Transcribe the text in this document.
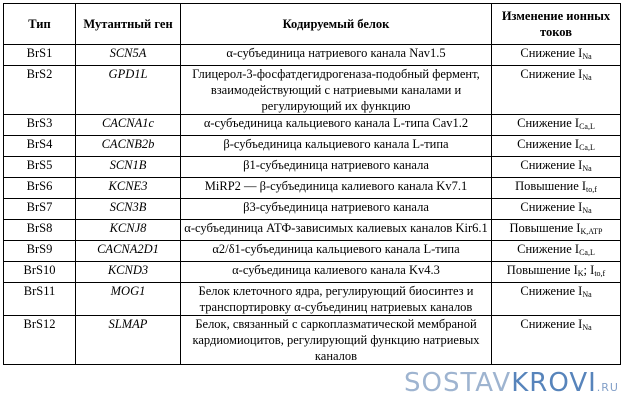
Тип	Мутантный ген	Кодируемый белок	Изменение ионных токов
BrS1	SCN5A	α-субъединица натриевого канала Nav1.5	Снижение $I_{Na}$
BrS2	GPD1L	Глицерол-3-фосфатдегидрогеназа-подобный фермент, взаимодействующий с натриевыми каналами и регулирующий их функцию	Снижение $I_{Na}$
BrS3	CACNA1c	α-субъединица кальциевого канала L-типа Cav1.2	Снижение $I_{Ca,L}$
BrS4	CACNB2b	β-субъединица кальциевого канала L-типа	Снижение $I_{Ca,L}$
BrS5	SCN1B	β1-субъединица натриевого канала	Снижение $I_{Na}$
BrS6	KCNE3	MiRP2 — β-субъединица калиевого канала Kv7.1	Повышение $I_{to,f}$
BrS7	SCN3B	β3-субъединица натриевого канала	Снижение $I_{Na}$
BrS8	KCNJ8	α-субъединица АТФ-зависимых калиевых каналов Kir6.1	Повышение $I_{K,ATP}$
BrS9	CACNA2D1	α2/δ1-субъединица кальциевого канала L-типа	Снижение $I_{Ca,L}$
BrS10	KCND3	α-субъединица калиевого канала Kv4.3	Повышение $I_K$; $I_{to,f}$
BrS11	MOG1	Белок клеточного ядра, регулирующий биосинтез и транспортировку α-субъединиц натриевых каналов	Снижение $I_{Na}$
BrS12	SLMAP	Белок, связанный с саркоплазматической мембраной кардиомиоцитов, регулирующий функцию натриевых каналов	Снижение $I_{Na}$
SOSTAVKROVI.RU
